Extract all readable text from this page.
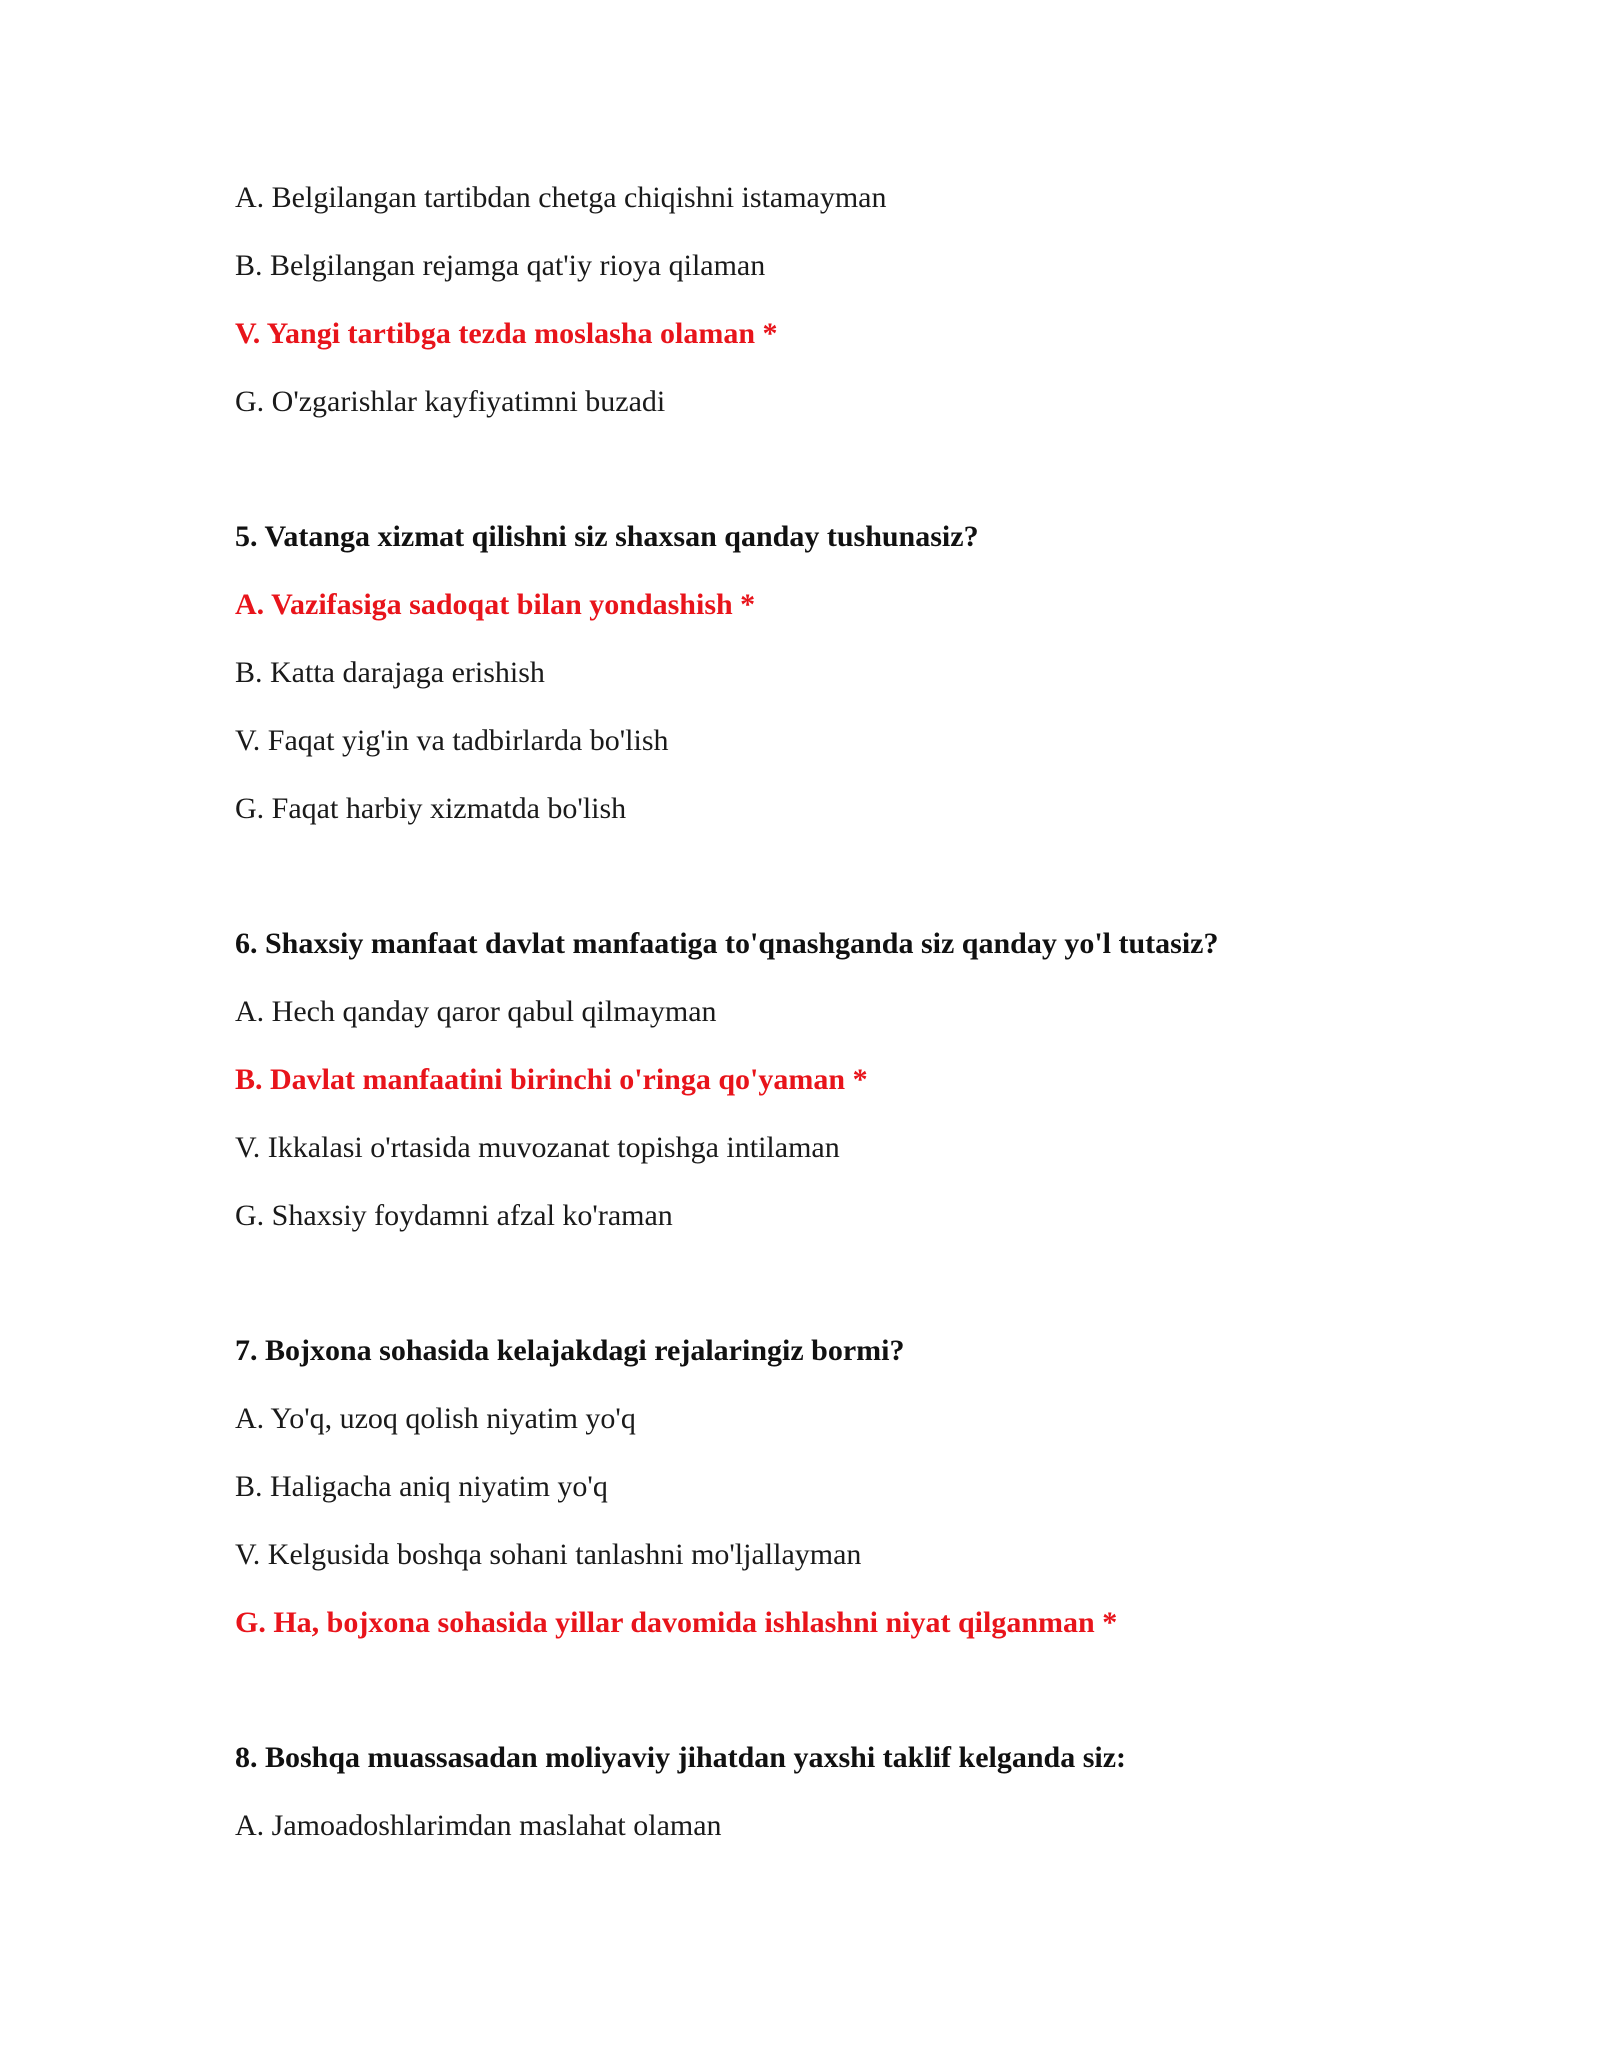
A. Belgilangan tartibdan chetga chiqishni istamayman
B. Belgilangan rejamga qat'iy rioya qilaman
V. Yangi tartibga tezda moslasha olaman *
G. O'zgarishlar kayfiyatimni buzadi
5. Vatanga xizmat qilishni siz shaxsan qanday tushunasiz?
A. Vazifasiga sadoqat bilan yondashish *
B. Katta darajaga erishish
V. Faqat yig'in va tadbirlarda bo'lish
G. Faqat harbiy xizmatda bo'lish
6. Shaxsiy manfaat davlat manfaatiga to'qnashganda siz qanday yo'l tutasiz?
A. Hech qanday qaror qabul qilmayman
B. Davlat manfaatini birinchi o'ringa qo'yaman *
V. Ikkalasi o'rtasida muvozanat topishga intilaman
G. Shaxsiy foydamni afzal ko'raman
7. Bojxona sohasida kelajakdagi rejalaringiz bormi?
A. Yo'q, uzoq qolish niyatim yo'q
B. Haligacha aniq niyatim yo'q
V. Kelgusida boshqa sohani tanlashni mo'ljallayman
G. Ha, bojxona sohasida yillar davomida ishlashni niyat qilganman *
8. Boshqa muassasadan moliyaviy jihatdan yaxshi taklif kelganda siz:
A. Jamoadoshlarimdan maslahat olaman
